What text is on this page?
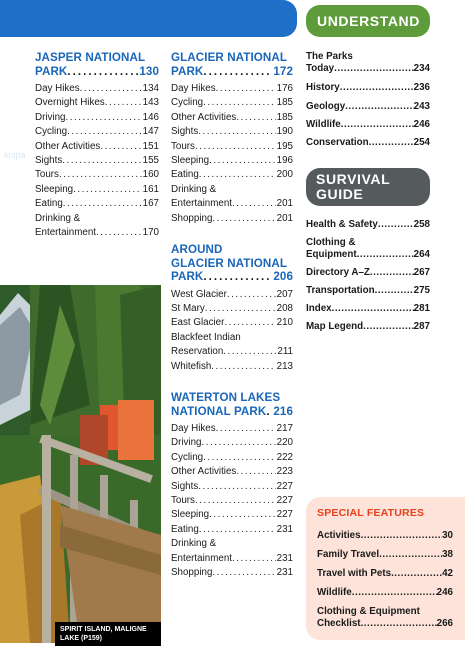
knipa
JASPER NATIONAL
PARK . . .	130
Day Hikes . . .	134
Overnight Hikes . . .	143
Driving . . .	146
Cycling . . .	147
Other Activities . . .	151
Sights . . .	155
Tours . . .	160
Sleeping . . .	161
Eating . . .	167
Drinking &
Entertainment . . .	170
GLACIER NATIONAL
PARK . . .	172
Day Hikes . . .	176
Cycling . . .	185
Other Activities . . .	185
Sights . . .	190
Tours . . .	195
Sleeping . . .	196
Eating . . .	200
Drinking &
Entertainment . . .	201
Shopping . . .	201
AROUND
GLACIER NATIONAL
PARK . . .	206
West Glacier . . .	207
St Mary . . .	208
East Glacier . . .	210
Blackfeet Indian
Reservation . . .	211
Whitefish . . .	213
WATERTON LAKES
NATIONAL PARK . . . 216
Day Hikes . . .	217
Driving . . .	220
Cycling . . .	222
Other Activities . . .	223
Sights . . .	227
Tours . . .	227
Sleeping . . .	227
Eating . . .	231
Drinking &
Entertainment . . .	231
Shopping . . .	231
SPIRIT ISLAND, MALIGNE
LAKE (P159)
UNDERSTAND
The Parks
Today .....	234
History .....	236
Geology .....	243
Wildlife .....	246
Conservation .....	254
SURVIVAL
GUIDE
Health & Safety .....	258
Clothing &
Equipment .....	264
Directory A–Z .....	267
Transportation .....	275
Index .....	281
Map Legend .....	287
SPECIAL FEATURES
Activities .....	30
Family Travel .....	38
Travel with Pets .....	42
Wildlife .....	246
Clothing & Equipment
Checklist .....	266
